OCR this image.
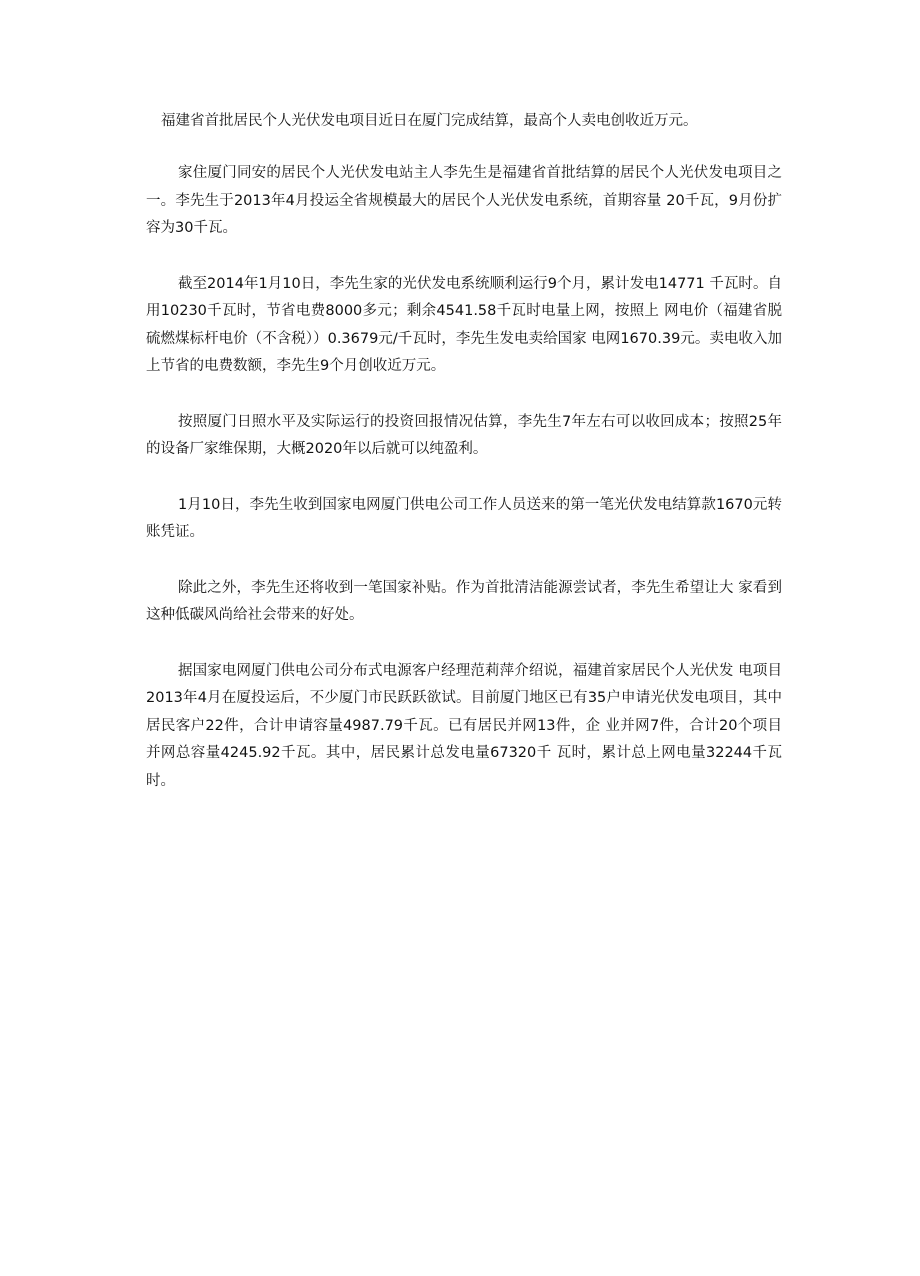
福建省首批居民个人光伏发电项目近日在厦门完成结算，最高个人卖电创收近万元。

家住厦门同安的居民个人光伏发电站主人李先生是福建省首批结算的居民个人光伏发电项目之一。李先生于2013年4月投运全省规模最大的居民个人光伏发电系统，首期容量 20千瓦，9月份扩容为30千瓦。

截至2014年1月10日，李先生家的光伏发电系统顺利运行9个月，累计发电14771 千瓦时。自用10230千瓦时，节省电费8000多元；剩余4541.58千瓦时电量上网，按照上 网电价（福建省脱硫燃煤标杆电价（不含税））0.3679元/千瓦时，李先生发电卖给国家 电网1670.39元。卖电收入加上节省的电费数额，李先生9个月创收近万元。

按照厦门日照水平及实际运行的投资回报情况估算，李先生7年左右可以收回成本；按照25年的设备厂家维保期，大概2020年以后就可以纯盈利。

1月10日，李先生收到国家电网厦门供电公司工作人员送来的第一笔光伏发电结算款1670元转账凭证。

除此之外，李先生还将收到一笔国家补贴。作为首批清洁能源尝试者，李先生希望让大 家看到这种低碳风尚给社会带来的好处。

据国家电网厦门供电公司分布式电源客户经理范莉萍介绍说，福建首家居民个人光伏发 电项目2013年4月在厦投运后，不少厦门市民跃跃欲试。目前厦门地区已有35户申请光伏发电项目，其中居民客户22件，合计申请容量4987.79千瓦。已有居民并网13件，企 业并网7件，合计20个项目并网总容量4245.92千瓦。其中，居民累计总发电量67320千 瓦时，累计总上网电量32244千瓦时。
